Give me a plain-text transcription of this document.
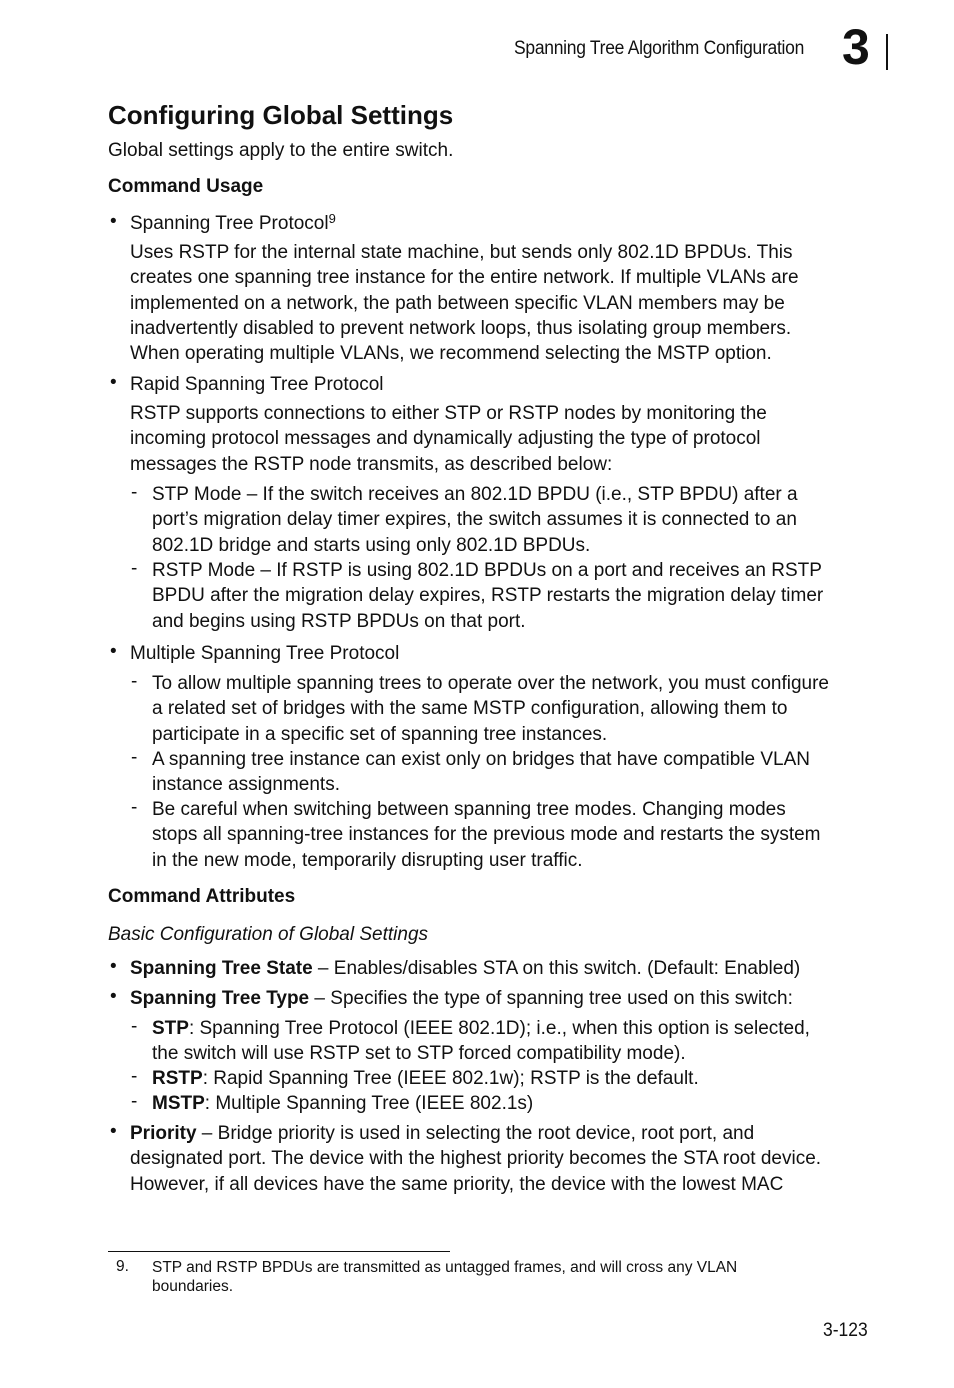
Spanning Tree Algorithm Configuration 3
Configuring Global Settings
Global settings apply to the entire switch.
Command Usage
• Spanning Tree Protocol$^9$
Uses RSTP for the internal state machine, but sends only 802.1D BPDUs. This
creates one spanning tree instance for the entire network. If multiple VLANs are
implemented on a network, the path between specific VLAN members may be
inadvertently disabled to prevent network loops, thus isolating group members.
When operating multiple VLANs, we recommend selecting the MSTP option.
• Rapid Spanning Tree Protocol
RSTP supports connections to either STP or RSTP nodes by monitoring the
incoming protocol messages and dynamically adjusting the type of protocol
messages the RSTP node transmits, as described below:
- STP Mode – If the switch receives an 802.1D BPDU (i.e., STP BPDU) after a
port’s migration delay timer expires, the switch assumes it is connected to an
802.1D bridge and starts using only 802.1D BPDUs.
- RSTP Mode – If RSTP is using 802.1D BPDUs on a port and receives an RSTP
BPDU after the migration delay expires, RSTP restarts the migration delay timer
and begins using RSTP BPDUs on that port.
• Multiple Spanning Tree Protocol
- To allow multiple spanning trees to operate over the network, you must configure
a related set of bridges with the same MSTP configuration, allowing them to
participate in a specific set of spanning tree instances.
- A spanning tree instance can exist only on bridges that have compatible VLAN
instance assignments.
- Be careful when switching between spanning tree modes. Changing modes
stops all spanning-tree instances for the previous mode and restarts the system
in the new mode, temporarily disrupting user traffic.
Command Attributes
Basic Configuration of Global Settings
• Spanning Tree State – Enables/disables STA on this switch. (Default: Enabled)
• Spanning Tree Type – Specifies the type of spanning tree used on this switch:
- STP: Spanning Tree Protocol (IEEE 802.1D); i.e., when this option is selected,
the switch will use RSTP set to STP forced compatibility mode).
- RSTP: Rapid Spanning Tree (IEEE 802.1w); RSTP is the default.
- MSTP: Multiple Spanning Tree (IEEE 802.1s)
• Priority – Bridge priority is used in selecting the root device, root port, and
designated port. The device with the highest priority becomes the STA root device.
However, if all devices have the same priority, the device with the lowest MAC
9. STP and RSTP BPDUs are transmitted as untagged frames, and will cross any VLAN
boundaries.
3-123
